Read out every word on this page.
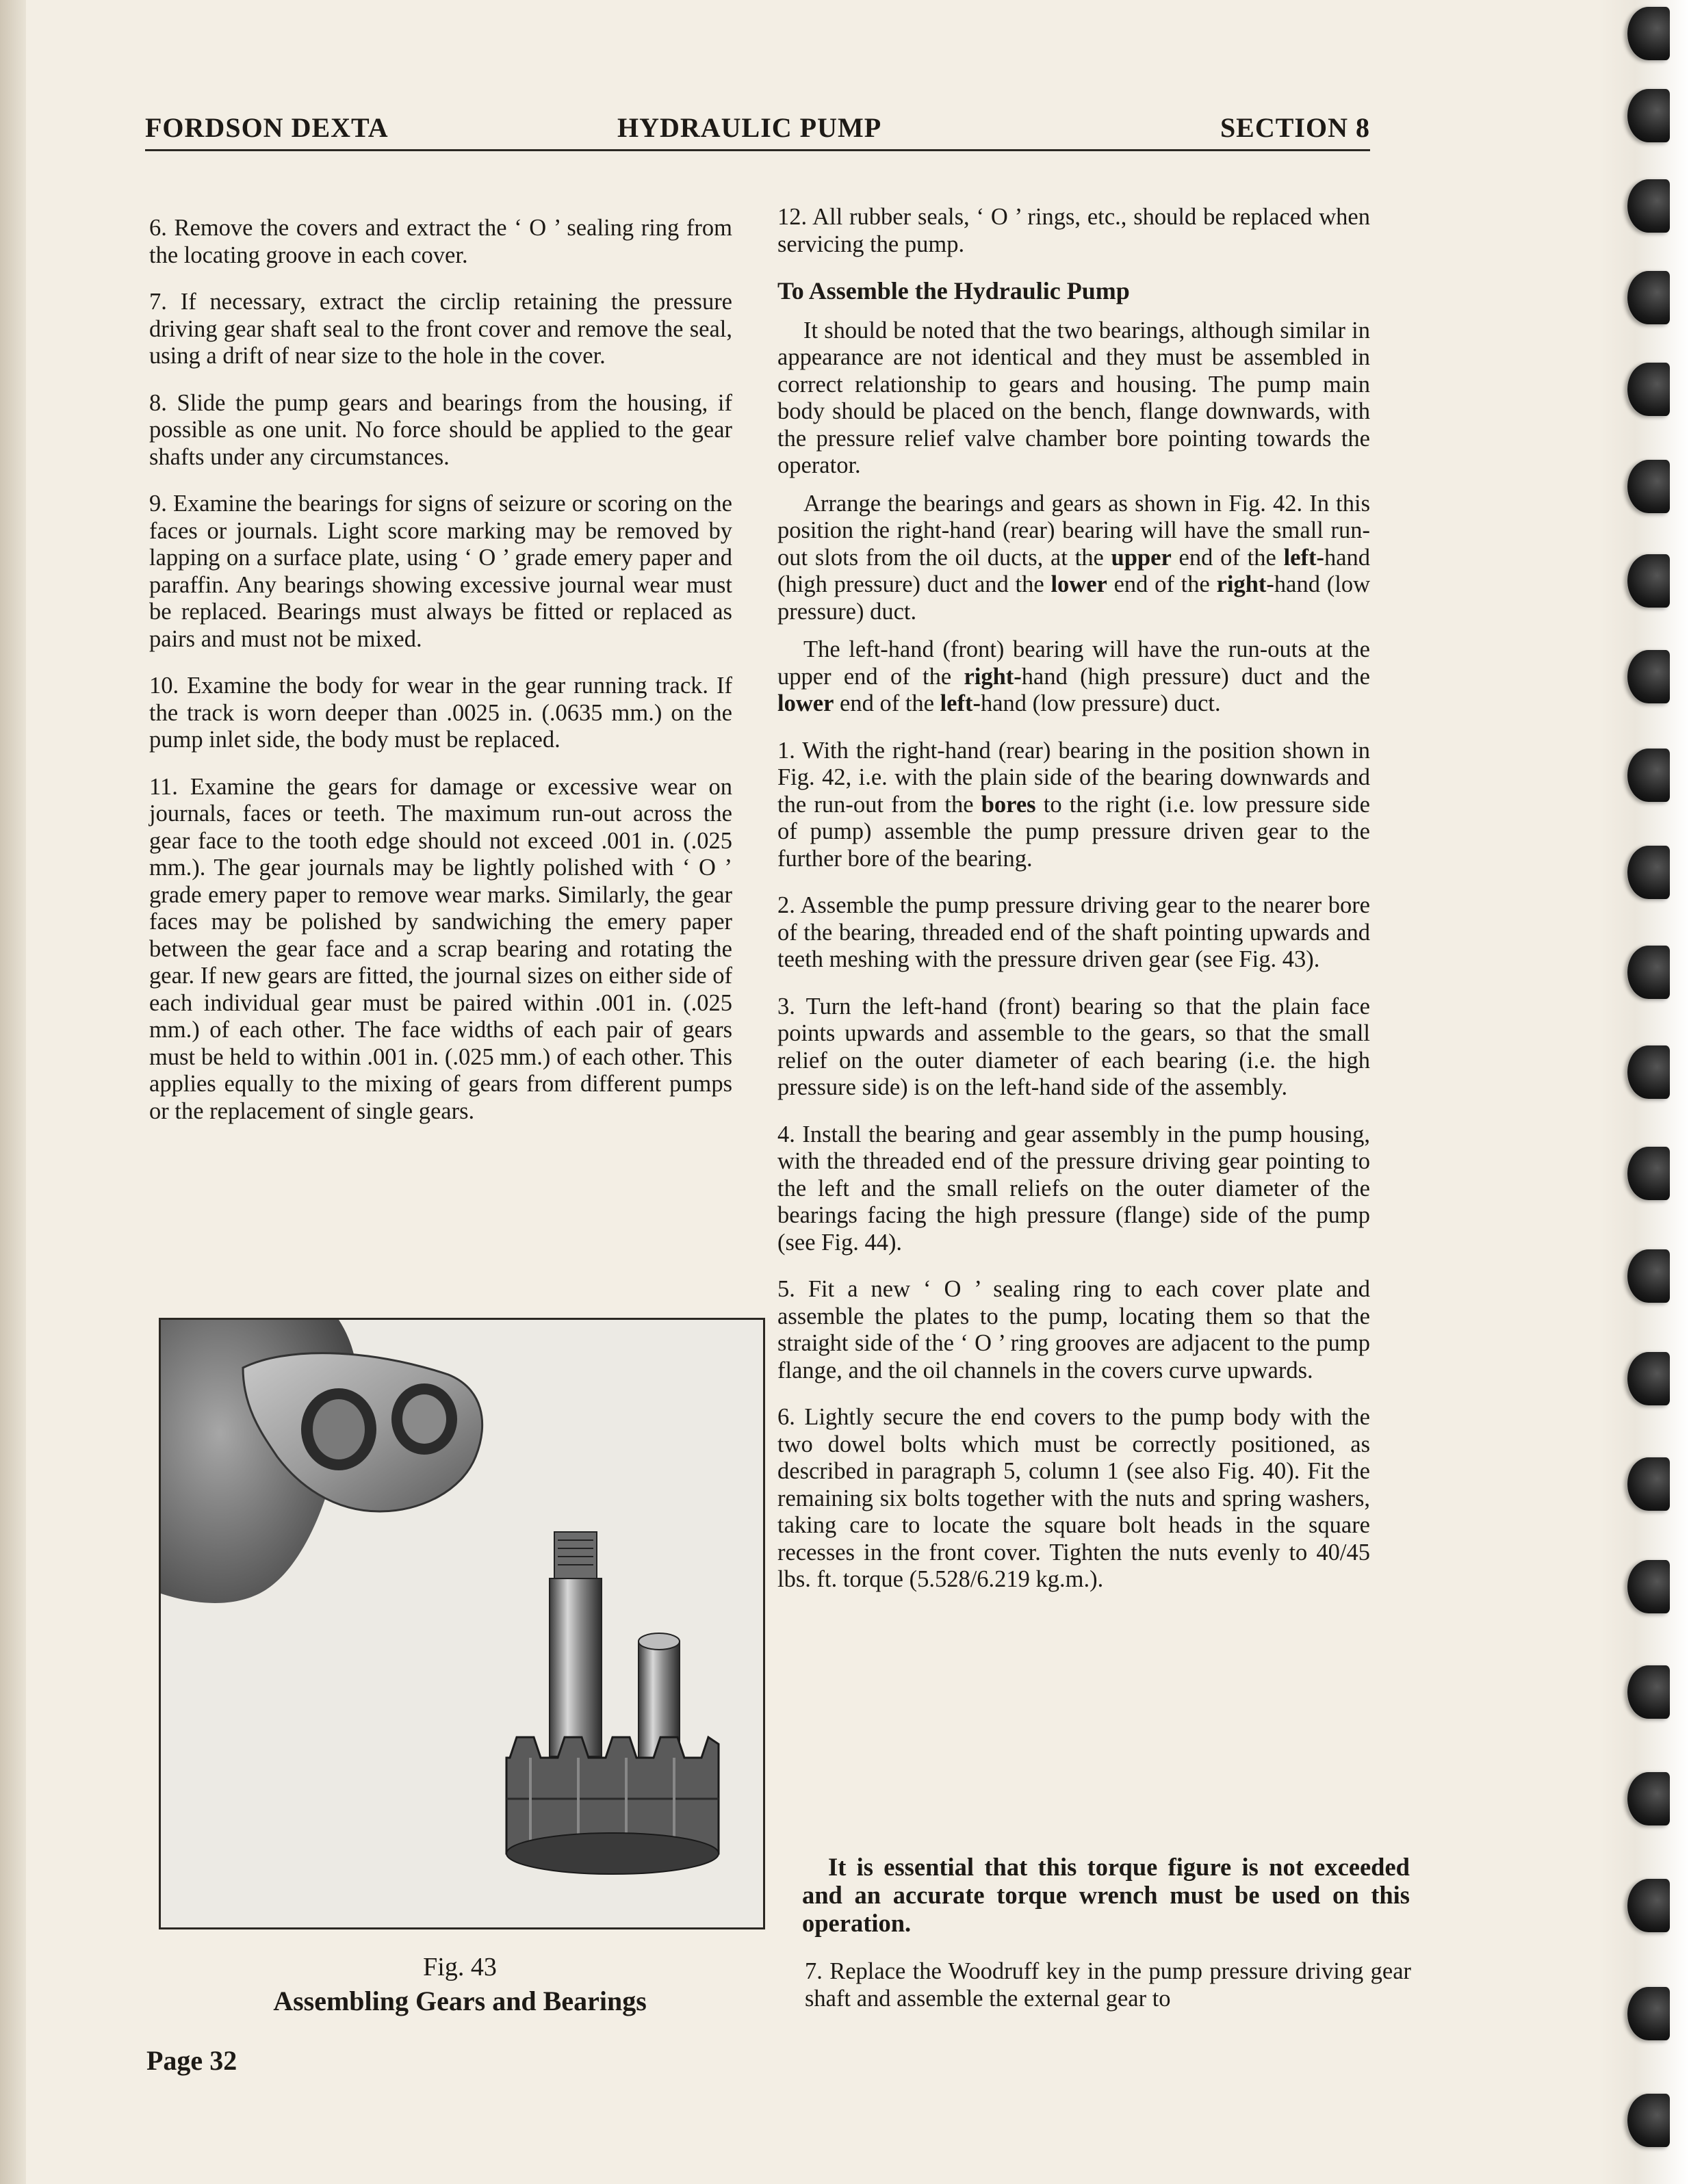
FORDSON DEXTA	HYDRAULIC PUMP	SECTION 8

6. Remove the covers and extract the ‘ O ’ sealing ring from the locating groove in each cover.

7. If necessary, extract the circlip retaining the pressure driving gear shaft seal to the front cover and remove the seal, using a drift of near size to the hole in the cover.

8. Slide the pump gears and bearings from the housing, if possible as one unit. No force should be applied to the gear shafts under any circumstances.

9. Examine the bearings for signs of seizure or scoring on the faces or journals. Light score marking may be removed by lapping on a surface plate, using ‘ O ’ grade emery paper and paraffin. Any bearings showing excessive journal wear must be replaced. Bearings must always be fitted or replaced as pairs and must not be mixed.

10. Examine the body for wear in the gear running track. If the track is worn deeper than .0025 in. (.0635 mm.) on the pump inlet side, the body must be replaced.

11. Examine the gears for damage or excessive wear on journals, faces or teeth. The maximum run-out across the gear face to the tooth edge should not exceed .001 in. (.025 mm.). The gear journals may be lightly polished with ‘ O ’ grade emery paper to remove wear marks. Similarly, the gear faces may be polished by sandwiching the emery paper between the gear face and a scrap bearing and rotating the gear. If new gears are fitted, the journal sizes on either side of each individual gear must be paired within .001 in. (.025 mm.) of each other. The face widths of each pair of gears must be held to within .001 in. (.025 mm.) of each other. This applies equally to the mixing of gears from different pumps or the replacement of single gears.

Fig. 43
Assembling Gears and Bearings

12. All rubber seals, ‘ O ’ rings, etc., should be replaced when servicing the pump.

To Assemble the Hydraulic Pump

It should be noted that the two bearings, although similar in appearance are not identical and they must be assembled in correct relationship to gears and housing. The pump main body should be placed on the bench, flange downwards, with the pressure relief valve chamber bore pointing towards the operator.

Arrange the bearings and gears as shown in Fig. 42. In this position the right-hand (rear) bearing will have the small run-out slots from the oil ducts, at the upper end of the left-hand (high pressure) duct and the lower end of the right-hand (low pressure) duct.

The left-hand (front) bearing will have the run-outs at the upper end of the right-hand (high pressure) duct and the lower end of the left-hand (low pressure) duct.

1. With the right-hand (rear) bearing in the position shown in Fig. 42, i.e. with the plain side of the bearing downwards and the run-out from the bores to the right (i.e. low pressure side of pump) assemble the pump pressure driven gear to the further bore of the bearing.

2. Assemble the pump pressure driving gear to the nearer bore of the bearing, threaded end of the shaft pointing upwards and teeth meshing with the pressure driven gear (see Fig. 43).

3. Turn the left-hand (front) bearing so that the plain face points upwards and assemble to the gears, so that the small relief on the outer diameter of each bearing (i.e. the high pressure side) is on the left-hand side of the assembly.

4. Install the bearing and gear assembly in the pump housing, with the threaded end of the pressure driving gear pointing to the left and the small reliefs on the outer diameter of the bearings facing the high pressure (flange) side of the pump (see Fig. 44).

5. Fit a new ‘ O ’ sealing ring to each cover plate and assemble the plates to the pump, locating them so that the straight side of the ‘ O ’ ring grooves are adjacent to the pump flange, and the oil channels in the covers curve upwards.

6. Lightly secure the end covers to the pump body with the two dowel bolts which must be correctly positioned, as described in paragraph 5, column 1 (see also Fig. 40). Fit the remaining six bolts together with the nuts and spring washers, taking care to locate the square bolt heads in the square recesses in the front cover. Tighten the nuts evenly to 40/45 lbs. ft. torque (5.528/6.219 kg.m.).

It is essential that this torque figure is not exceeded and an accurate torque wrench must be used on this operation.
7. Replace the Woodruff key in the pump pressure driving gear shaft and assemble the external gear to
Page 32
